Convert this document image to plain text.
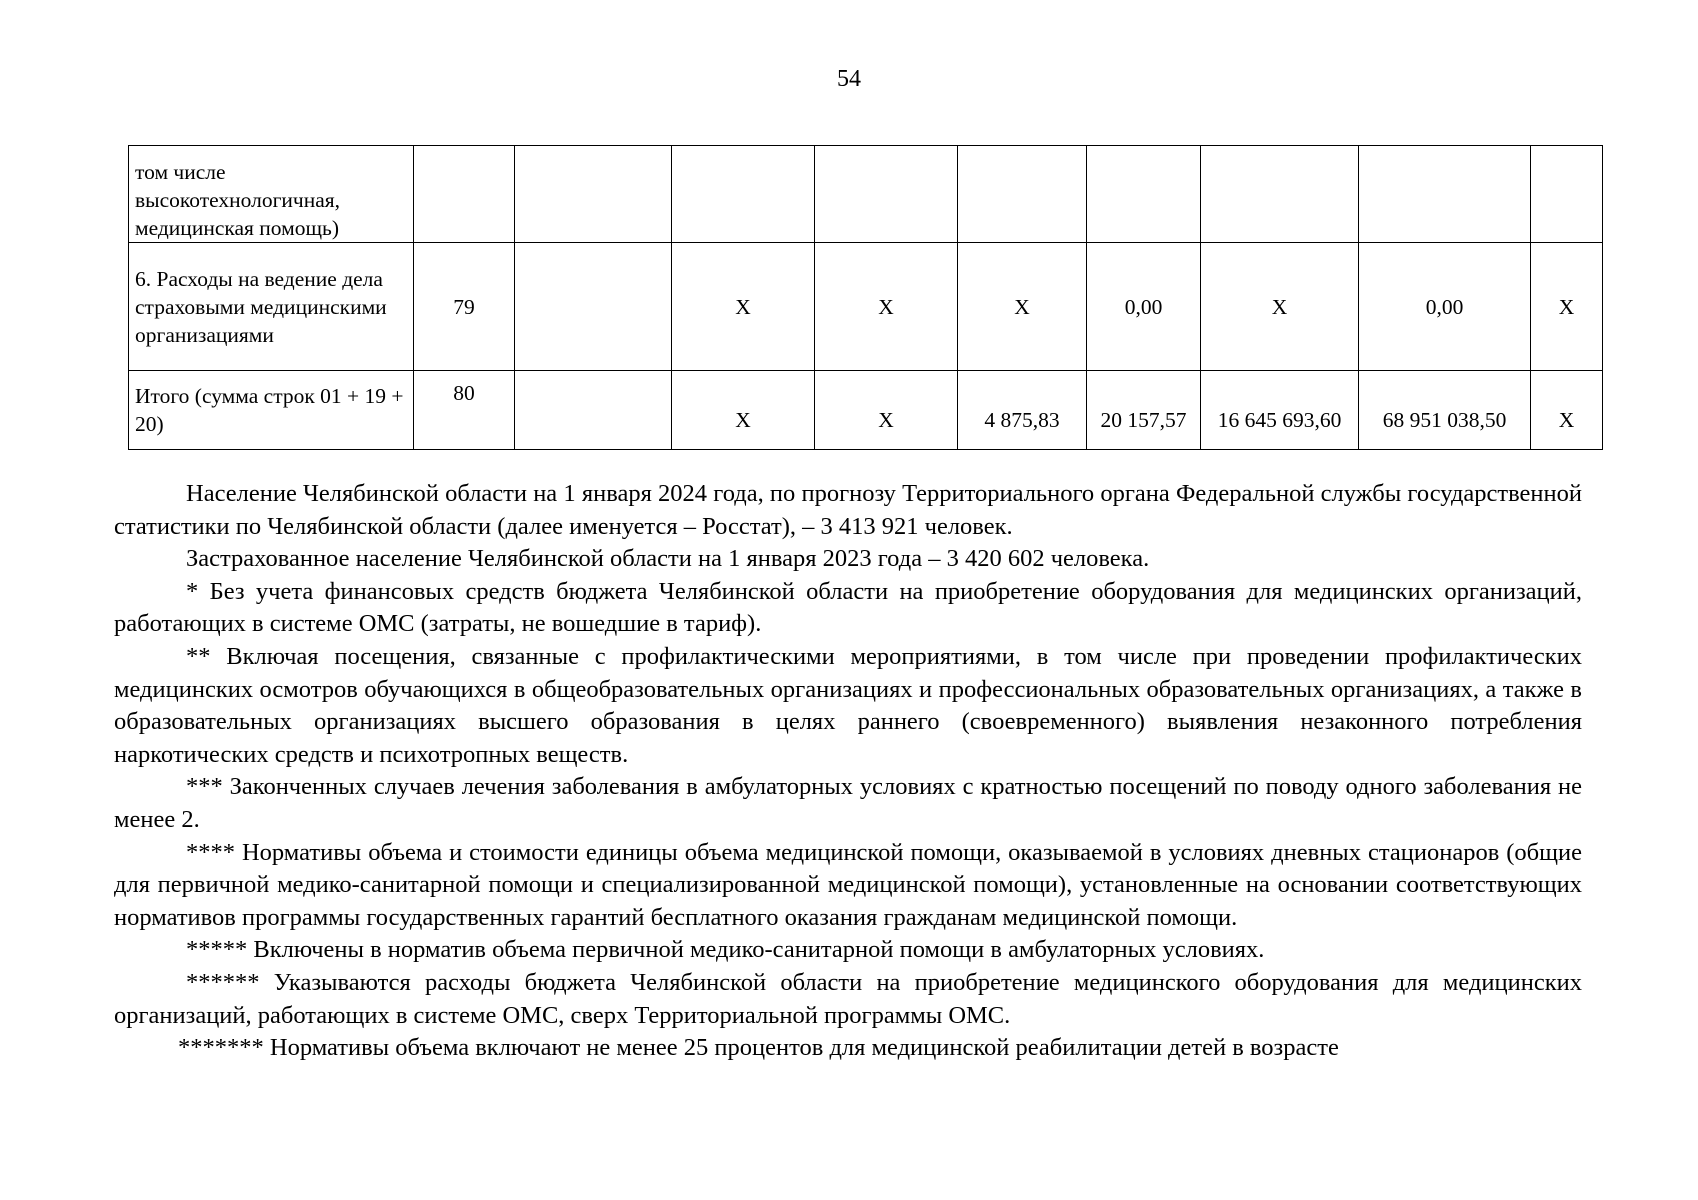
54
том числе высокотехнологичная, медицинская помощь)									
6. Расходы на ведение дела страховыми медицинскими организациями	79		X	X	X	0,00	X	0,00	X
Итого (сумма строк 01 + 19 + 20)	80		X	X	4 875,83	20 157,57	16 645 693,60	68 951 038,50	X

Население Челябинской области на 1 января 2024 года, по прогнозу Территориального органа Федеральной службы государственной статистики по Челябинской области (далее именуется – Росстат), – 3 413 921 человек.

Застрахованное население Челябинской области на 1 января 2023 года – 3 420 602 человека.

* Без учета финансовых средств бюджета Челябинской области на приобретение оборудования для медицинских организаций, работающих в системе ОМС (затраты, не вошедшие в тариф).

** Включая посещения, связанные с профилактическими мероприятиями, в том числе при проведении профилактических медицинских осмотров обучающихся в общеобразовательных организациях и профессиональных образовательных организациях, а также в образовательных организациях высшего образования в целях раннего (своевременного) выявления незаконного потребления наркотических средств и психотропных веществ.

*** Законченных случаев лечения заболевания в амбулаторных условиях с кратностью посещений по поводу одного заболевания не менее 2.

**** Нормативы объема и стоимости единицы объема медицинской помощи, оказываемой в условиях дневных стационаров (общие для первичной медико-санитарной помощи и специализированной медицинской помощи), установленные на основании соответствующих нормативов программы государственных гарантий бесплатного оказания гражданам медицинской помощи.

***** Включены в норматив объема первичной медико-санитарной помощи в амбулаторных условиях.

****** Указываются расходы бюджета Челябинской области на приобретение медицинского оборудования для медицинских организаций, работающих в системе ОМС, сверх Территориальной программы ОМС.

******* Нормативы объема включают не менее 25 процентов для медицинской реабилитации детей в возрасте
